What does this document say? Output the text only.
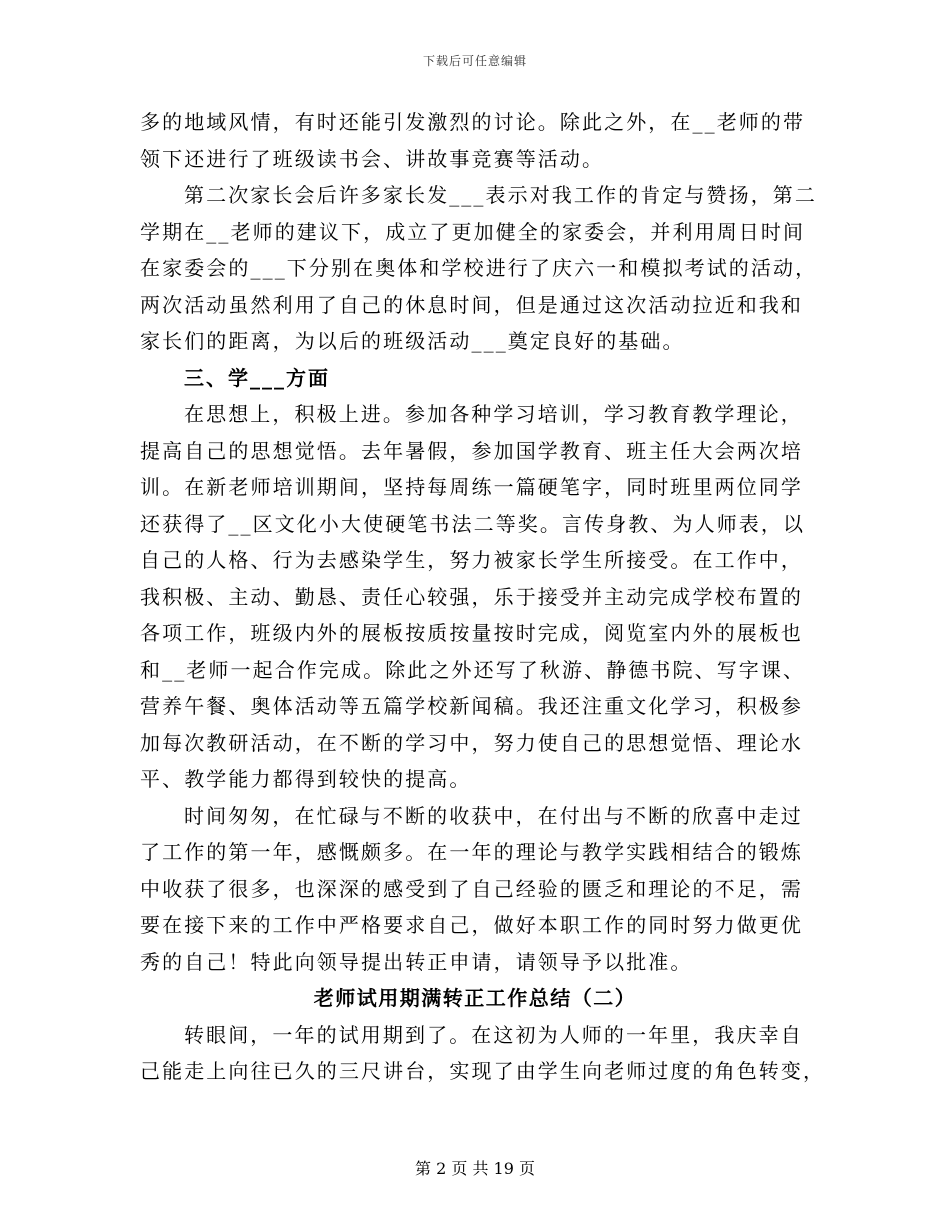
下载后可任意编辑
多的地域风情，有时还能引发激烈的讨论。除此之外，在__老师的带
领下还进行了班级读书会、讲故事竞赛等活动。
第二次家长会后许多家长发___表示对我工作的肯定与赞扬，第二
学期在__老师的建议下，成立了更加健全的家委会，并利用周日时间
在家委会的___下分别在奥体和学校进行了庆六一和模拟考试的活动，
两次活动虽然利用了自己的休息时间，但是通过这次活动拉近和我和
家长们的距离，为以后的班级活动___奠定良好的基础。
三、学___方面
在思想上，积极上进。参加各种学习培训，学习教育教学理论，
提高自己的思想觉悟。去年暑假，参加国学教育、班主任大会两次培
训。在新老师培训期间，坚持每周练一篇硬笔字，同时班里两位同学
还获得了__区文化小大使硬笔书法二等奖。言传身教、为人师表，以
自己的人格、行为去感染学生，努力被家长学生所接受。在工作中，
我积极、主动、勤恳、责任心较强，乐于接受并主动完成学校布置的
各项工作，班级内外的展板按质按量按时完成，阅览室内外的展板也
和__老师一起合作完成。除此之外还写了秋游、静德书院、写字课、
营养午餐、奥体活动等五篇学校新闻稿。我还注重文化学习，积极参
加每次教研活动，在不断的学习中，努力使自己的思想觉悟、理论水
平、教学能力都得到较快的提高。
时间匆匆，在忙碌与不断的收获中，在付出与不断的欣喜中走过
了工作的第一年，感慨颇多。在一年的理论与教学实践相结合的锻炼
中收获了很多，也深深的感受到了自己经验的匮乏和理论的不足，需
要在接下来的工作中严格要求自己，做好本职工作的同时努力做更优
秀的自己！特此向领导提出转正申请，请领导予以批准。
老师试用期满转正工作总结（二）
转眼间，一年的试用期到了。在这初为人师的一年里，我庆幸自
己能走上向往已久的三尺讲台，实现了由学生向老师过度的角色转变，
第 2 页 共 19 页
